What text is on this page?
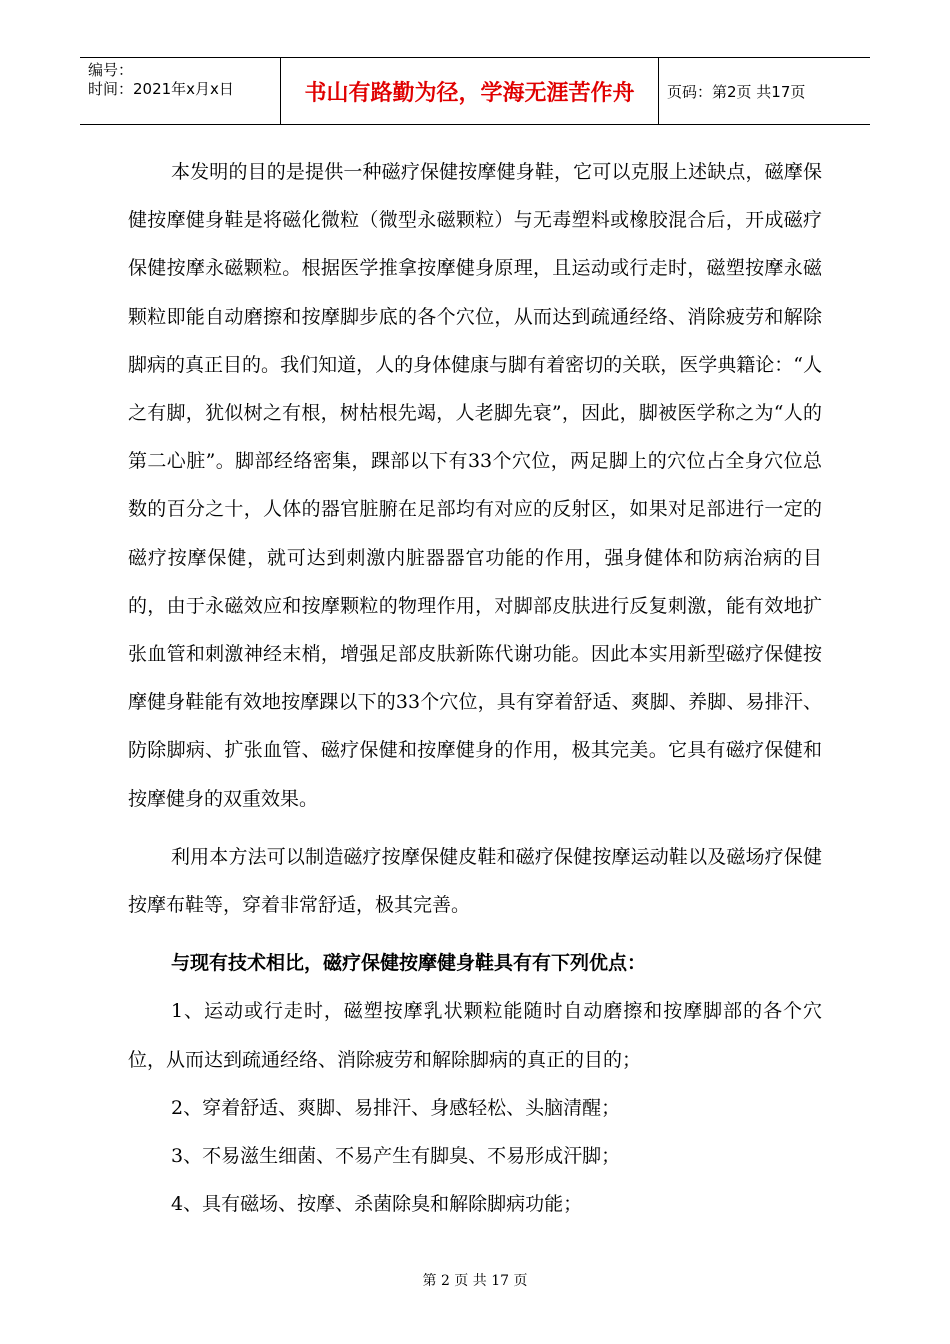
编号：
时间：2021年x月x日	书山有路勤为径，学海无涯苦作舟	页码：第2页 共17页

本发明的目的是提供一种磁疗保健按摩健身鞋，它可以克服上述缺点，磁摩保健按摩健身鞋是将磁化微粒（微型永磁颗粒）与无毒塑料或橡胶混合后，开成磁疗保健按摩永磁颗粒。根据医学推拿按摩健身原理，且运动或行走时，磁塑按摩永磁颗粒即能自动磨擦和按摩脚步底的各个穴位，从而达到疏通经络、消除疲劳和解除脚病的真正目的。我们知道，人的身体健康与脚有着密切的关联，医学典籍论：“人之有脚，犹似树之有根，树枯根先竭，人老脚先衰”，因此，脚被医学称之为“人的第二心脏”。脚部经络密集，踝部以下有33个穴位，两足脚上的穴位占全身穴位总数的百分之十，人体的器官脏腑在足部均有对应的反射区，如果对足部进行一定的磁疗按摩保健，就可达到刺激内脏器器官功能的作用，强身健体和防病治病的目的，由于永磁效应和按摩颗粒的物理作用，对脚部皮肤进行反复刺激，能有效地扩张血管和刺激神经末梢，增强足部皮肤新陈代谢功能。因此本实用新型磁疗保健按摩健身鞋能有效地按摩踝以下的33个穴位，具有穿着舒适、爽脚、养脚、易排汗、防除脚病、扩张血管、磁疗保健和按摩健身的作用，极其完美。它具有磁疗保健和按摩健身的双重效果。

利用本方法可以制造磁疗按摩保健皮鞋和磁疗保健按摩运动鞋以及磁场疗保健按摩布鞋等，穿着非常舒适，极其完善。

与现有技术相比，磁疗保健按摩健身鞋具有有下列优点：

1、运动或行走时，磁塑按摩乳状颗粒能随时自动磨擦和按摩脚部的各个穴位，从而达到疏通经络、消除疲劳和解除脚病的真正的目的；

2、穿着舒适、爽脚、易排汗、身感轻松、头脑清醒；

3、不易滋生细菌、不易产生有脚臭、不易形成汗脚；

4、具有磁场、按摩、杀菌除臭和解除脚病功能；

第 2 页 共 17 页
